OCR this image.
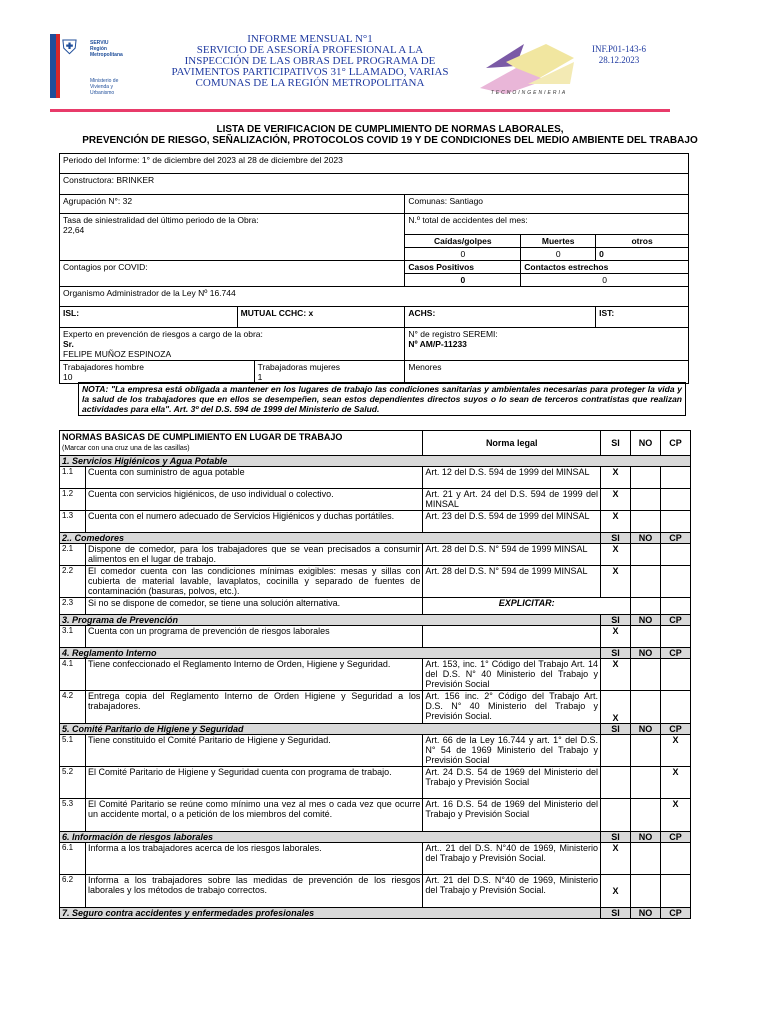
⛨	SERVIU
Región Metropolitana
Ministerio de Vivienda y Urbanismo
INFORME MENSUAL N°1
SERVICIO DE ASESORÍA PROFESIONAL A LA
INSPECCIÓN DE LAS OBRAS DEL PROGRAMA DE
PAVIMENTOS PARTICIPATIVOS 31° LLAMADO, VARIAS
COMUNAS DE LA REGIÓN METROPOLITANA
TECNOINGENIERIA
INF.P01-143-6
28.12.2023
LISTA DE VERIFICACION DE CUMPLIMIENTO DE NORMAS LABORALES,
PREVENCIÓN DE RIESGO, SEÑALIZACIÓN, PROTOCOLOS COVID 19 Y DE CONDICIONES DEL MEDIO AMBIENTE DEL TRABAJO
Periodo del Informe: 1° de diciembre del 2023 al 28 de diciembre del 2023					
Constructora: BRINKER					
Agrupación N°: 32			Comunas: Santiago		
Tasa de siniestralidad del último periodo de la Obra:
22,64			N.º total de accidentes del mes:		
			Caídas/golpes	Muertes	otros
			0	0	0
Contagios por COVID:			Casos Positivos	Contactos estrechos	
			0	0	
Organismo Administrador de la Ley Nº 16.744					
ISL:	MUTUAL CCHC: x		ACHS:		IST:
Experto en prevención de riesgos a cargo de la obra:
Sr.
FELIPE MUÑOZ ESPINOZA			N° de registro SEREMI:
Nº AM/P-11233		
Trabajadores hombre
10		Trabajadoras mujeres
1	Menores		

NOTA: "La empresa está obligada a mantener en los lugares de trabajo las condiciones sanitarias y ambientales necesarias para proteger la vida y la salud de los trabajadores que en ellos se desempeñen, sean estos dependientes directos suyos o lo sean de terceros contratistas que realizan actividades para ella". Art. 3º del D.S. 594 de 1999 del Ministerio de Salud.
NORMAS BASICAS DE CUMPLIMIENTO EN LUGAR DE TRABAJO
(Marcar con una cruz una de las casillas)		Norma legal	SI	NO	CP
1. Servicios Higiénicos y Agua Potable					
1.1	Cuenta con suministro de agua potable	Art. 12 del D.S. 594 de 1999 del MINSAL	X		
1.2	Cuenta con servicios higiénicos, de uso individual o colectivo.	Art. 21 y Art. 24 del D.S. 594 de 1999 del MINSAL	X		
1.3	Cuenta con el numero adecuado de Servicios Higiénicos y duchas portátiles.	Art. 23 del D.S. 594 de 1999 del MINSAL	X		
2.. Comedores			SI	NO	CP
2.1	Dispone de comedor, para los trabajadores que se vean precisados a consumir alimentos en el lugar de trabajo.	Art. 28 del D.S. N° 594 de 1999 MINSAL	X		
2.2	El comedor cuenta con las condiciones mínimas exigibles: mesas y sillas con cubierta de material lavable, lavaplatos, cocinilla y separado de fuentes de contaminación (basuras, polvos, etc.).	Art. 28 del D.S. N° 594 de 1999 MINSAL	X		
2.3	Si no se dispone de comedor, se tiene una solución alternativa.	EXPLICITAR:			
3. Programa de Prevención			SI	NO	CP
3.1	Cuenta con un programa de prevención de riesgos laborales		X		
4. Reglamento Interno			SI	NO	CP
4.1	Tiene confeccionado el Reglamento Interno de Orden, Higiene y Seguridad.	Art. 153, inc. 1° Código del Trabajo Art. 14 del D.S. N° 40 Ministerio del Trabajo y Previsión Social	X		
4.2	Entrega copia del Reglamento Interno de Orden Higiene y Seguridad a los trabajadores.	Art. 156 inc. 2° Código del Trabajo Art. D.S. N° 40 Ministerio del Trabajo y Previsión Social.	X		
5. Comité Paritario de Higiene y Seguridad			SI	NO	CP
5.1	Tiene constituido el Comité Paritario de Higiene y Seguridad.	Art. 66 de la Ley 16.744 y art. 1° del D.S. N° 54 de 1969 Ministerio del Trabajo y Previsión Social			X
5.2	El Comité Paritario de Higiene y Seguridad cuenta con programa de trabajo.	Art. 24 D.S. 54 de 1969 del Ministerio del Trabajo y Previsión Social			X
5.3	El Comité Paritario se reúne como mínimo una vez al mes o cada vez que ocurre un accidente mortal, o a petición de los miembros del comité.	Art. 16 D.S. 54 de 1969 del Ministerio del Trabajo y Previsión Social			X
6. Información de riesgos laborales			SI	NO	CP
6.1	Informa a los trabajadores acerca de los riesgos laborales.	Art.. 21 del D.S. N°40 de 1969, Ministerio del Trabajo y Previsión Social.	X		
6.2	Informa a los trabajadores sobre las medidas de prevención de los riesgos laborales y los métodos de trabajo correctos.	Art. 21 del D.S. N°40 de 1969, Ministerio del Trabajo y Previsión Social.	X		
7. Seguro contra accidentes y enfermedades profesionales			SI	NO	CP
